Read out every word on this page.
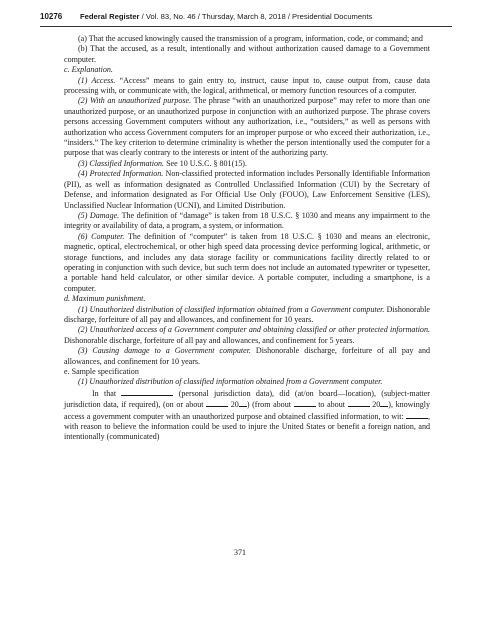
10276 Federal Register / Vol. 83, No. 46 / Thursday, March 8, 2018 / Presidential Documents

(a) That the accused knowingly caused the transmission of a program, information, code, or command; and

(b) That the accused, as a result, intentionally and without authorization caused damage to a Government computer.

c. Explanation.

(1) Access. “Access” means to gain entry to, instruct, cause input to, cause output from, cause data processing with, or communicate with, the logical, arithmetical, or memory function resources of a computer.

(2) With an unauthorized purpose. The phrase “with an unauthorized purpose” may refer to more than one unauthorized purpose, or an unauthorized purpose in conjunction with an authorized purpose. The phrase covers persons accessing Government computers without any authorization, i.e., “outsiders,” as well as persons with authorization who access Government computers for an improper purpose or who exceed their authorization, i.e., “insiders.” The key criterion to determine criminality is whether the person intentionally used the computer for a purpose that was clearly contrary to the interests or intent of the authorizing party.

(3) Classified Information. See 10 U.S.C. § 801(15).

(4) Protected Information. Non-classified protected information includes Personally Identifiable Information (PII), as well as information designated as Controlled Unclassified Information (CUI) by the Secretary of Defense, and information designated as For Official Use Only (FOUO), Law Enforcement Sensitive (LES), Unclassified Nuclear Information (UCNI), and Limited Distribution.

(5) Damage. The definition of “damage” is taken from 18 U.S.C. § 1030 and means any impairment to the integrity or availability of data, a program, a system, or information.

(6) Computer. The definition of “computer” is taken from 18 U.S.C. § 1030 and means an electronic, magnetic, optical, electrochemical, or other high speed data processing device performing logical, arithmetic, or storage functions, and includes any data storage facility or communications facility directly related to or operating in conjunction with such device, but such term does not include an automated typewriter or typesetter, a portable hand held calculator, or other similar device. A portable computer, including a smartphone, is a computer.

d. Maximum punishment.

(1) Unauthorized distribution of classified information obtained from a Government computer. Dishonorable discharge, forfeiture of all pay and allowances, and confinement for 10 years.

(2) Unauthorized access of a Government computer and obtaining classified or other protected information. Dishonorable discharge, forfeiture of all pay and allowances, and confinement for 5 years.

(3) Causing damage to a Government computer. Dishonorable discharge, forfeiture of all pay and allowances, and confinement for 10 years.

e. Sample specification

(1) Unauthorized distribution of classified information obtained from a Government computer.

In that	(personal jurisdiction data), did (at/on board—location), (subject-matter jurisdiction data, if required), (on or about	20 ) (from about	to about	20 ), knowingly access a government computer with an unauthorized purpose and obtained classified information, to wit:	, with reason to believe the information could be used to injure the United States or benefit a foreign nation, and intentionally (communicated)

371
